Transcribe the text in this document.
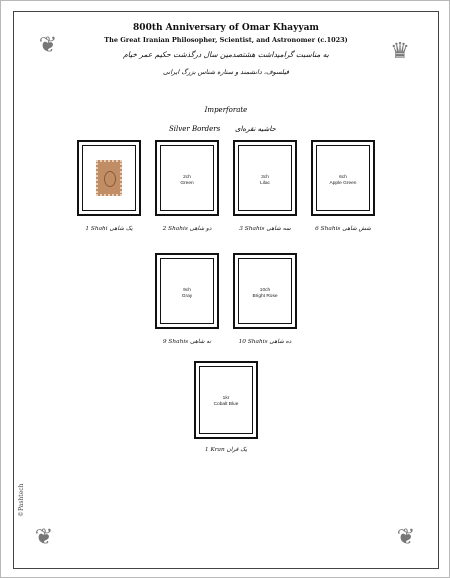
❦	♛
❦	❦
800th Anniversary of Omar Khayyam
The Great Iranian Philosopher, Scientist, and Astronomer (c.1023)
به مناسبت گرامیداشت هشتصدمین سال درگذشت حکیم عمر خیام
فیلسوف، دانشمند و ستاره شناس بزرگ ایرانی
Imperforate
Silver Borders حاشیه نقره‌ای
1 Shahi یک شاهی
2ch
Green
2 Shahis دو شاهی
3ch
Lilac
3 Shahis سه شاهی
6ch
Apple Green
6 Shahis شش شاهی
9ch
Gray
9 Shahis نه شاهی
10ch
Bright Rose
10 Shahis ده شاهی
1kr
Cobalt Blue
1 Kran یک قران
©Pashtech
